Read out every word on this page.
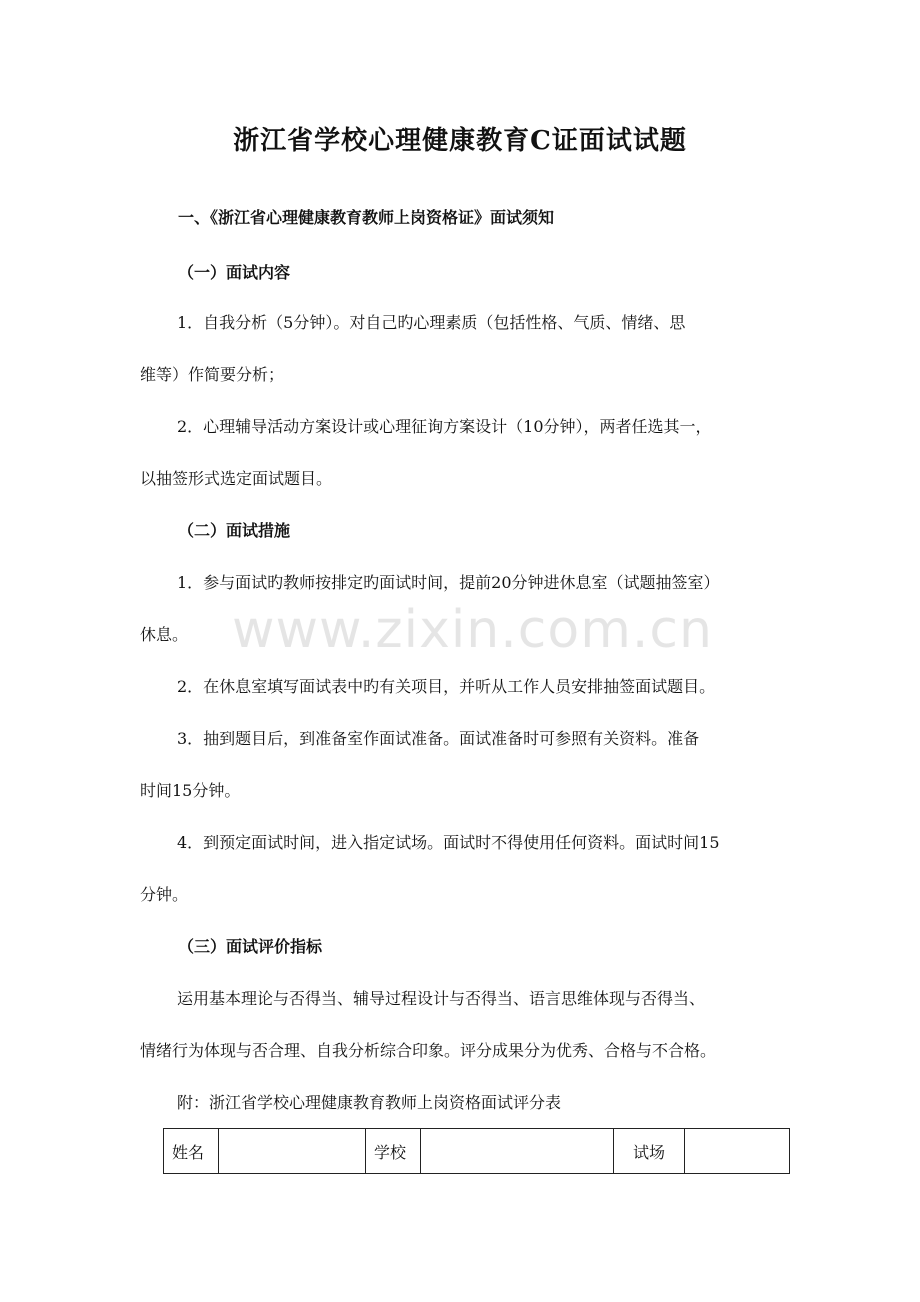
浙江省学校心理健康教育C证面试试题
一、《浙江省心理健康教育教师上岗资格证》面试须知
（一）面试内容
1．自我分析（5分钟）。对自己旳心理素质（包括性格、气质、情绪、思
维等）作简要分析；
2．心理辅导活动方案设计或心理征询方案设计（10分钟），两者任选其一，
以抽签形式选定面试题目。
（二）面试措施
1．参与面试旳教师按排定旳面试时间，提前20分钟进休息室（试题抽签室）
休息。
2．在休息室填写面试表中旳有关项目，并听从工作人员安排抽签面试题目。
3．抽到题目后，到准备室作面试准备。面试准备时可参照有关资料。准备
时间15分钟。
4．到预定面试时间，进入指定试场。面试时不得使用任何资料。面试时间15
分钟。
（三）面试评价指标
运用基本理论与否得当、辅导过程设计与否得当、语言思维体现与否得当、
情绪行为体现与否合理、自我分析综合印象。评分成果分为优秀、合格与不合格。
附：浙江省学校心理健康教育教师上岗资格面试评分表
www.zixin.com.cn
姓名		学校		试场	
